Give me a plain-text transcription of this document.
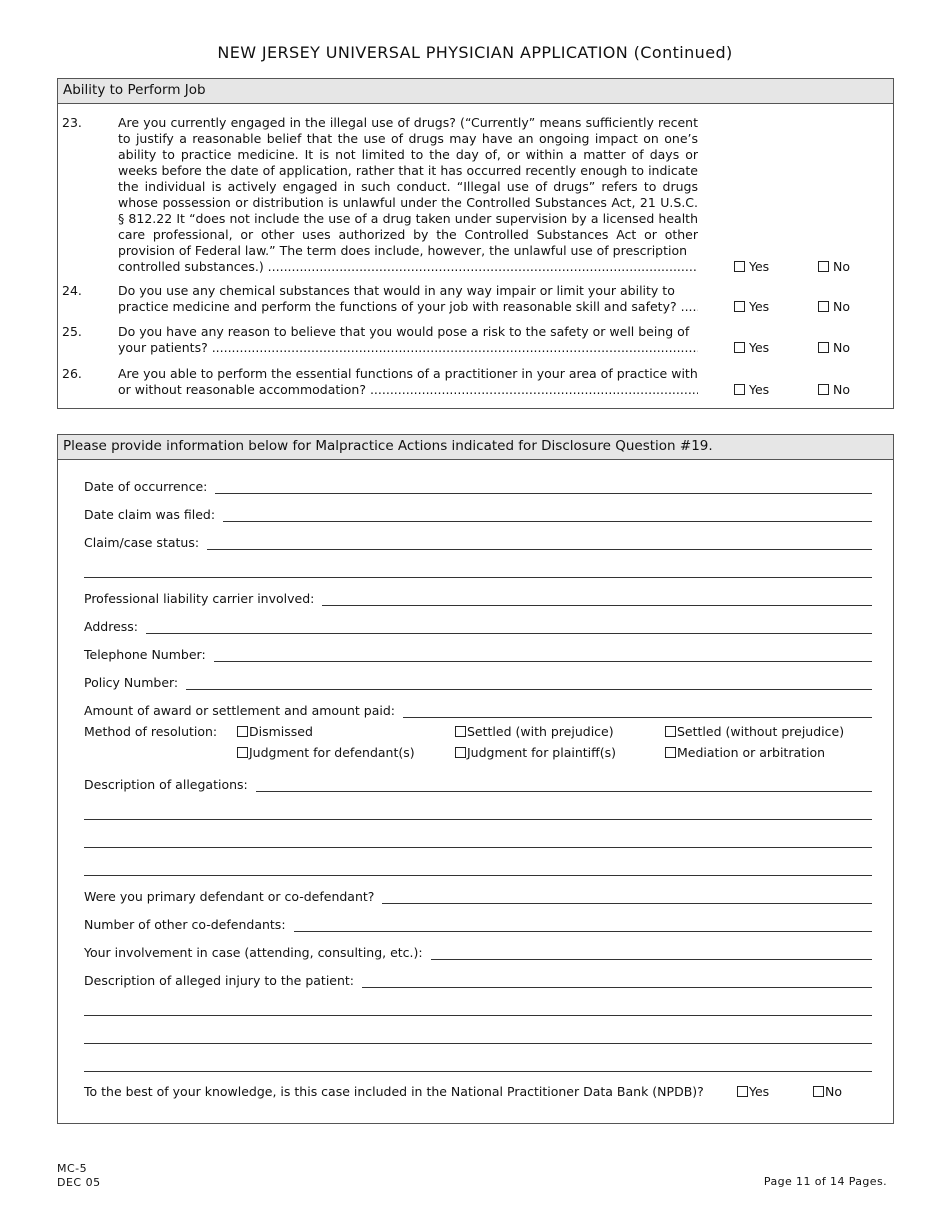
NEW JERSEY UNIVERSAL PHYSICIAN APPLICATION (Continued)
Ability to Perform Job
23.	Are you currently engaged in the illegal use of drugs? (“Currently” means sufficiently recent to justify a reasonable belief that the use of drugs may have an ongoing impact on one’s ability to practice medicine. It is not limited to the day of, or within a matter of days or weeks before the date of application, rather that it has occurred recently enough to indicate the individual is actively engaged in such conduct. “Illegal use of drugs” refers to drugs whose possession or distribution is unlawful under the Controlled Substances Act, 21 U.S.C. § 812.22 It “does not include the use of a drug taken under supervision by a licensed health care professional, or other uses authorized by the Controlled Substances Act or other provision of Federal law.” The term does include, however, the unlawful use of prescription
controlled substances.) .....	Yes	No
24.	Do you use any chemical substances that would in any way impair or limit your ability to
practice medicine and perform the functions of your job with reasonable skill and safety? .....	Yes	No
25.	Do you have any reason to believe that you would pose a risk to the safety or well being of
your patients? .....	Yes	No
26.	Are you able to perform the essential functions of a practitioner in your area of practice with
or without reasonable accommodation? .....	Yes	No
Please provide information below for Malpractice Actions indicated for Disclosure Question #19.
Date of occurrence:
Date claim was filed:
Claim/case status:
Professional liability carrier involved:
Address:
Telephone Number:
Policy Number:
Amount of award or settlement and amount paid:
Method of resolution:	Dismissed	Settled (with prejudice)	Settled (without prejudice)
Judgment for defendant(s)	Judgment for plaintiff(s)	Mediation or arbitration
Description of allegations:
Were you primary defendant or co-defendant?
Number of other co-defendants:
Your involvement in case (attending, consulting, etc.):
Description of alleged injury to the patient:
To the best of your knowledge, is this case included in the National Practitioner Data Bank (NPDB)?	Yes	No
MC-5
DEC 05	Page 11 of 14 Pages.
